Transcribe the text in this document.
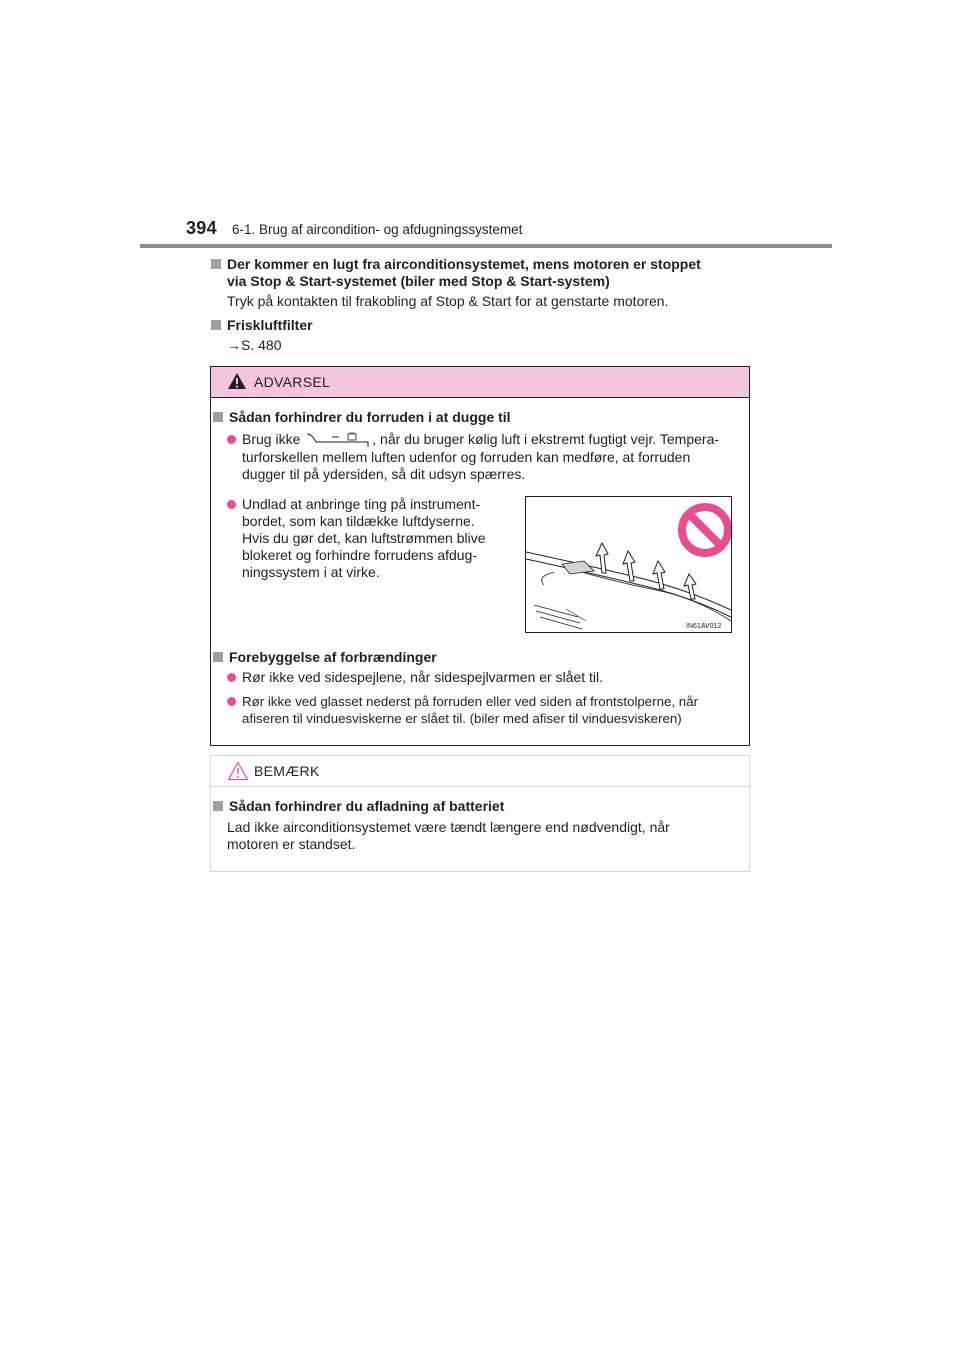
394 6-1. Brug af aircondition- og afdugningssystemet
Der kommer en lugt fra airconditionsystemet, mens motoren er stoppet
via Stop & Start-systemet (biler med Stop & Start-system)
Tryk på kontakten til frakobling af Stop & Start for at genstarte motoren.
Friskluftfilter
→S. 480
ADVARSEL
Sådan forhindrer du forruden i at dugge til
Brug ikke	, når du bruger kølig luft i ekstremt fugtigt vejr. Tempera-
turforskellen mellem luften udenfor og forruden kan medføre, at forruden
dugger til på ydersiden, så dit udsyn spærres.
Undlad at anbringe ting på instrument-
bordet, som kan tildække luftdyserne.
Hvis du gør det, kan luftstrømmen blive
blokeret og forhindre forrudens afdug-
ningssystem i at virke.
IN61AV012
Forebyggelse af forbrændinger
Rør ikke ved sidespejlene, når sidespejlvarmen er slået til.
Rør ikke ved glasset nederst på forruden eller ved siden af frontstolperne, når
afiseren til vinduesviskerne er slået til. (biler med afiser til vinduesviskeren)
BEMÆRK
Sådan forhindrer du afladning af batteriet
Lad ikke airconditionsystemet være tændt længere end nødvendigt, når
motoren er standset.
